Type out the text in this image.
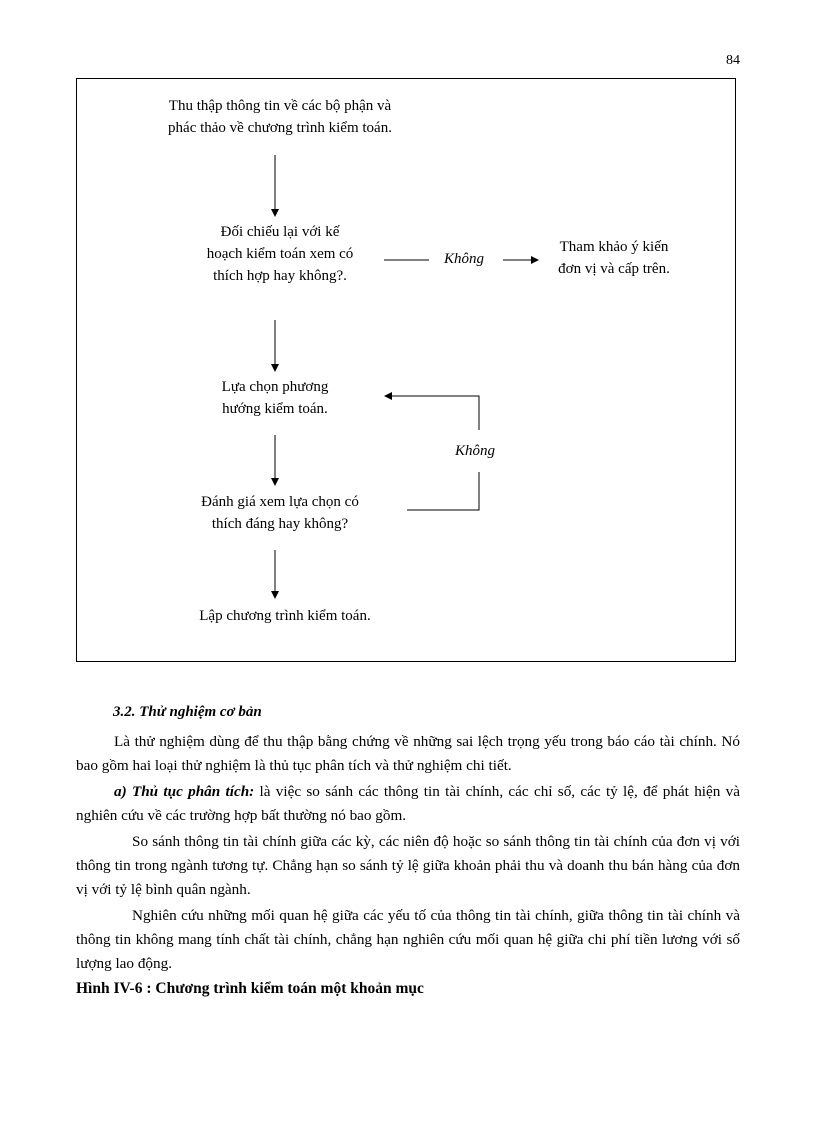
84
Thu thập thông tin về các bộ phận và
phác thảo về chương trình kiểm toán.
Đối chiếu lại với kế
hoạch kiểm toán xem có
thích hợp hay không?.
Không
Tham khảo ý kiến
đơn vị và cấp trên.
Lựa chọn phương
hướng kiểm toán.
Không
Đánh giá xem lựa chọn có
thích đáng hay không?
Lập chương trình kiểm toán.
3.2. Thử nghiệm cơ bản
Là thử nghiệm dùng để thu thập bằng chứng về những sai lệch trọng yếu trong báo cáo tài chính. Nó bao gồm hai loại thử nghiệm là thủ tục phân tích và thử nghiệm chi tiết.
a) Thủ tục phân tích: là việc so sánh các thông tin tài chính, các chỉ số, các tỷ lệ, để phát hiện và nghiên cứu về các trường hợp bất thường nó bao gồm.
So sánh thông tin tài chính giữa các kỳ, các niên độ hoặc so sánh thông tin tài chính của đơn vị với thông tin trong ngành tương tự. Chẳng hạn so sánh tỷ lệ giữa khoản phải thu và doanh thu bán hàng của đơn vị với tỷ lệ bình quân ngành.
Nghiên cứu những mối quan hệ giữa các yếu tố của thông tin tài chính, giữa thông tin tài chính và thông tin không mang tính chất tài chính, chẳng hạn nghiên cứu mối quan hệ giữa chi phí tiền lương với số lượng lao động.
Hình IV-6 : Chương trình kiểm toán một khoản mục
